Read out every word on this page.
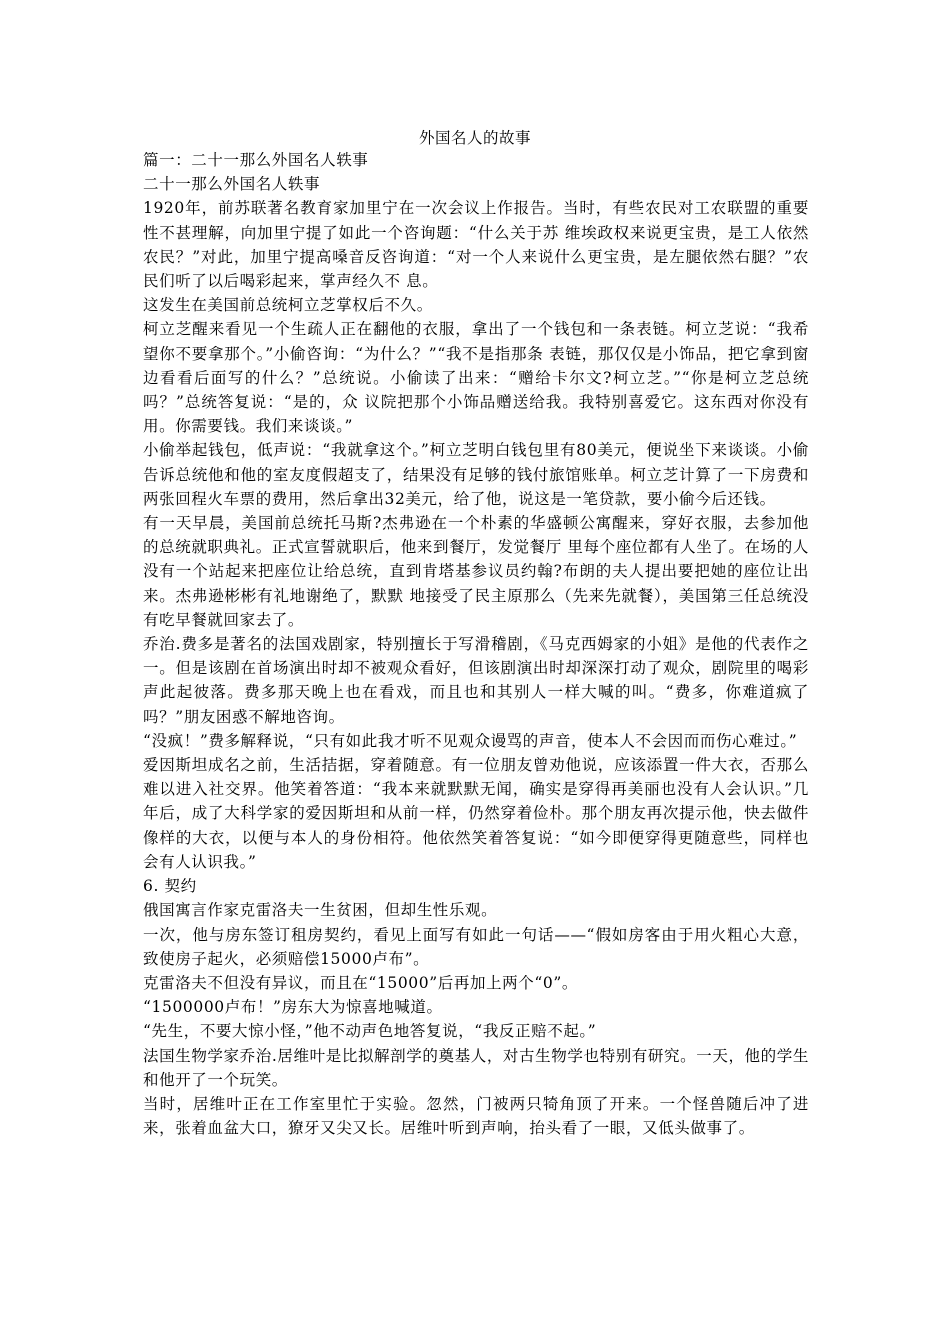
外国名人的故事

篇一：二十一那么外国名人轶事

二十一那么外国名人轶事

1920年，前苏联著名教育家加里宁在一次会议上作报告。当时，有些农民对工农联盟的重要性不甚理解，向加里宁提了如此一个咨询题：“什么关于苏 维埃政权来说更宝贵，是工人依然农民？”对此，加里宁提高嗓音反咨询道：“对一个人来说什么更宝贵，是左腿依然右腿？”农民们听了以后喝彩起来，掌声经久不 息。

这发生在美国前总统柯立芝掌权后不久。

柯立芝醒来看见一个生疏人正在翻他的衣服，拿出了一个钱包和一条表链。柯立芝说：“我希望你不要拿那个。”小偷咨询：“为什么？”“我不是指那条 表链，那仅仅是小饰品，把它拿到窗边看看后面写的什么？”总统说。小偷读了出来：“赠给卡尔文?柯立芝。”“你是柯立芝总统吗？”总统答复说：“是的，众 议院把那个小饰品赠送给我。我特别喜爱它。这东西对你没有用。你需要钱。我们来谈谈。”

小偷举起钱包，低声说：“我就拿这个。”柯立芝明白钱包里有80美元，便说坐下来谈谈。小偷告诉总统他和他的室友度假超支了，结果没有足够的钱付旅馆账单。柯立芝计算了一下房费和两张回程火车票的费用，然后拿出32美元，给了他，说这是一笔贷款，要小偷今后还钱。

有一天早晨，美国前总统托马斯?杰弗逊在一个朴素的华盛顿公寓醒来，穿好衣服，去参加他的总统就职典礼。正式宣誓就职后，他来到餐厅，发觉餐厅 里每个座位都有人坐了。在场的人没有一个站起来把座位让给总统，直到肯塔基参议员约翰?布朗的夫人提出要把她的座位让出来。杰弗逊彬彬有礼地谢绝了，默默 地接受了民主原那么（先来先就餐），美国第三任总统没有吃早餐就回家去了。

乔治.费多是著名的法国戏剧家，特别擅长于写滑稽剧，《马克西姆家的小姐》是他的代表作之一。但是该剧在首场演出时却不被观众看好，但该剧演出时却深深打动了观众，剧院里的喝彩声此起彼落。费多那天晚上也在看戏，而且也和其别人一样大喊的叫。“费多，你难道疯了吗？”朋友困惑不解地咨询。

“没疯！”费多解释说，“只有如此我才听不见观众谩骂的声音，使本人不会因而而伤心难过。”

爱因斯坦成名之前，生活拮据，穿着随意。有一位朋友曾劝他说，应该添置一件大衣，否那么难以进入社交界。他笑着答道：“我本来就默默无闻，确实是穿得再美丽也没有人会认识。”几年后，成了大科学家的爱因斯坦和从前一样，仍然穿着俭朴。那个朋友再次提示他，快去做件像样的大衣，以便与本人的身份相符。他依然笑着答复说：“如今即便穿得更随意些，同样也会有人认识我。”

6. 契约

俄国寓言作家克雷洛夫一生贫困，但却生性乐观。

一次，他与房东签订租房契约，看见上面写有如此一句话——“假如房客由于用火粗心大意，致使房子起火，必须赔偿15000卢布”。

克雷洛夫不但没有异议，而且在“15000”后再加上两个“0”。

“1500000卢布！”房东大为惊喜地喊道。

“先生，不要大惊小怪，”他不动声色地答复说，“我反正赔不起。”

法国生物学家乔治.居维叶是比拟解剖学的奠基人，对古生物学也特别有研究。一天，他的学生和他开了一个玩笑。

当时，居维叶正在工作室里忙于实验。忽然，门被两只犄角顶了开来。一个怪兽随后冲了进来，张着血盆大口，獠牙又尖又长。居维叶听到声响，抬头看了一眼，又低头做事了。
